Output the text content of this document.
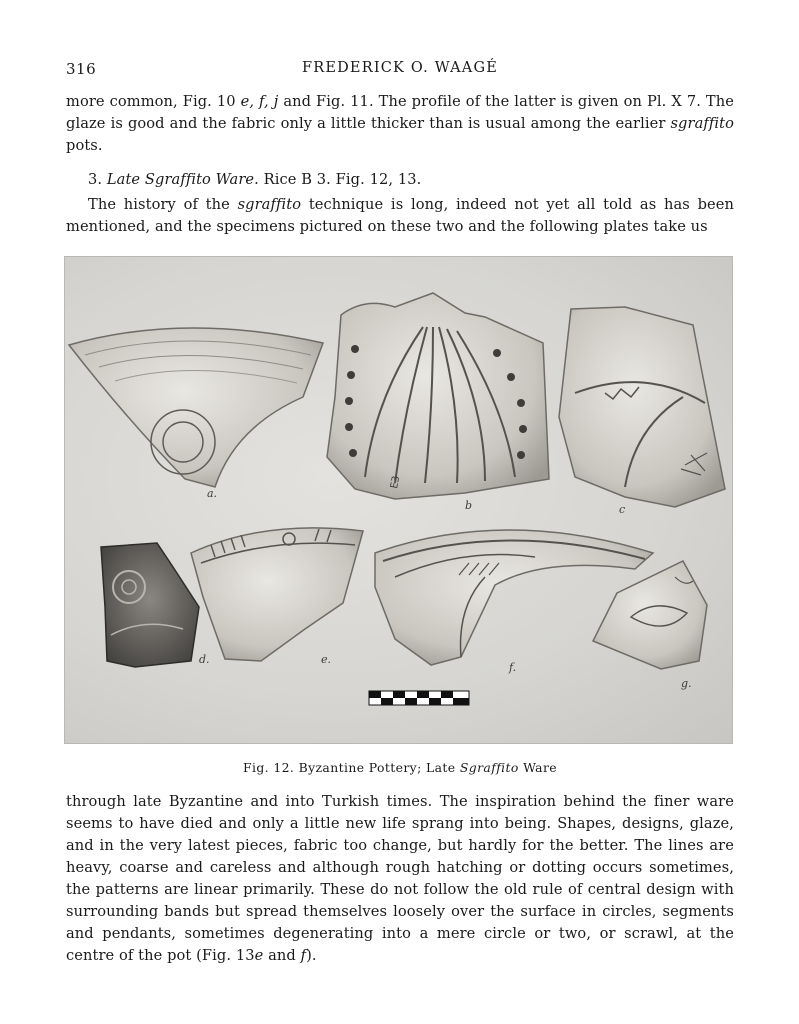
316	FREDERICK O. WAAGÉ

more common, Fig. 10 e, f, j and Fig. 11. The profile of the latter is given on Pl. X 7. The glaze is good and the fabric only a little thicker than is usual among the earlier sgraffito pots.

3. Late Sgraffito Ware. Rice B 3. Fig. 12, 13.

The history of the sgraffito technique is long, indeed not yet all told as has been mentioned, and the specimens pictured on these two and the following plates take us

a.
E3
b	c
d.	e.
f.
g.
Fig. 12. Byzantine Pottery; Late Sgraffito Ware

through late Byzantine and into Turkish times. The inspiration behind the finer ware seems to have died and only a little new life sprang into being. Shapes, designs, glaze, and in the very latest pieces, fabric too change, but hardly for the better. The lines are heavy, coarse and careless and although rough hatching or dotting occurs sometimes, the patterns are linear primarily. These do not follow the old rule of central design with surrounding bands but spread themselves loosely over the surface in circles, segments and pendants, sometimes degenerating into a mere circle or two, or scrawl, at the centre of the pot (Fig. 13e and f).
